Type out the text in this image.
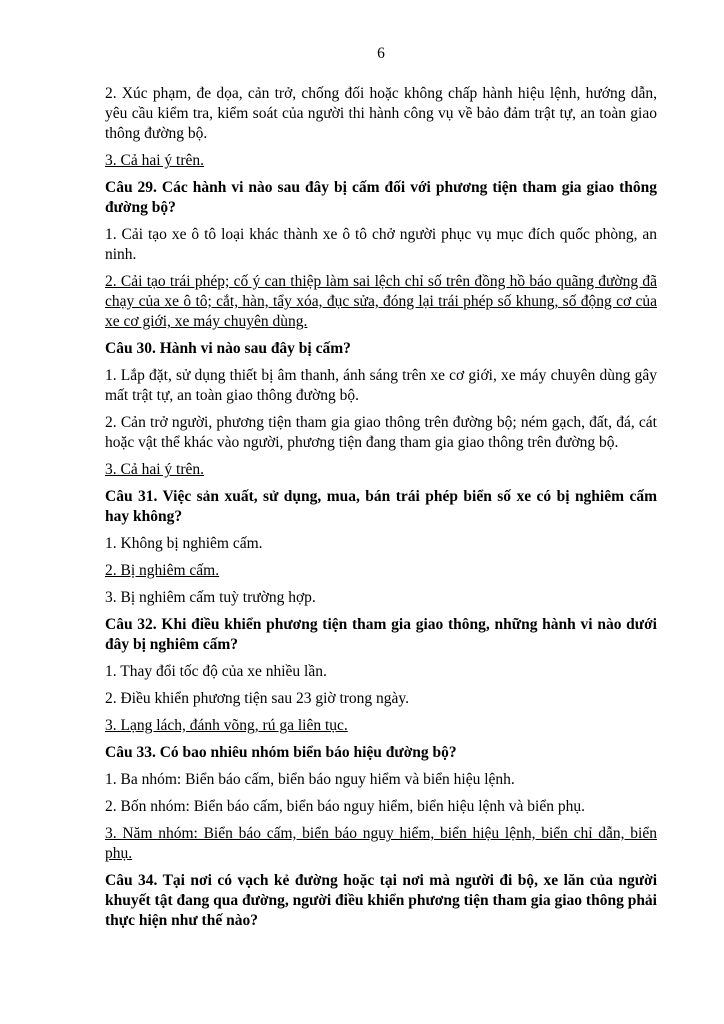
6

2. Xúc phạm, đe dọa, cản trở, chống đối hoặc không chấp hành hiệu lệnh, hướng dẫn, yêu cầu kiểm tra, kiểm soát của người thi hành công vụ về bảo đảm trật tự, an toàn giao thông đường bộ.

3. Cả hai ý trên.

Câu 29. Các hành vi nào sau đây bị cấm đối với phương tiện tham gia giao thông đường bộ?

1. Cải tạo xe ô tô loại khác thành xe ô tô chở người phục vụ mục đích quốc phòng, an ninh.

2. Cải tạo trái phép; cố ý can thiệp làm sai lệch chỉ số trên đồng hồ báo quãng đường đã chạy của xe ô tô; cắt, hàn, tẩy xóa, đục sửa, đóng lại trái phép số khung, số động cơ của xe cơ giới, xe máy chuyên dùng.

Câu 30. Hành vi nào sau đây bị cấm?

1. Lắp đặt, sử dụng thiết bị âm thanh, ánh sáng trên xe cơ giới, xe máy chuyên dùng gây mất trật tự, an toàn giao thông đường bộ.

2. Cản trở người, phương tiện tham gia giao thông trên đường bộ; ném gạch, đất, đá, cát hoặc vật thể khác vào người, phương tiện đang tham gia giao thông trên đường bộ.

3. Cả hai ý trên.

Câu 31. Việc sản xuất, sử dụng, mua, bán trái phép biển số xe có bị nghiêm cấm hay không?

1. Không bị nghiêm cấm.

2. Bị nghiêm cấm.

3. Bị nghiêm cấm tuỳ trường hợp.

Câu 32. Khi điều khiển phương tiện tham gia giao thông, những hành vi nào dưới đây bị nghiêm cấm?

1. Thay đổi tốc độ của xe nhiều lần.

2. Điều khiển phương tiện sau 23 giờ trong ngày.

3. Lạng lách, đánh võng, rú ga liên tục.

Câu 33. Có bao nhiêu nhóm biển báo hiệu đường bộ?

1. Ba nhóm: Biển báo cấm, biển báo nguy hiểm và biển hiệu lệnh.

2. Bốn nhóm: Biển báo cấm, biển báo nguy hiểm, biển hiệu lệnh và biển phụ.

3. Năm nhóm: Biển báo cấm, biển báo nguy hiểm, biển hiệu lệnh, biển chỉ dẫn, biển phụ.

Câu 34. Tại nơi có vạch kẻ đường hoặc tại nơi mà người đi bộ, xe lăn của người khuyết tật đang qua đường, người điều khiển phương tiện tham gia giao thông phải thực hiện như thế nào?
